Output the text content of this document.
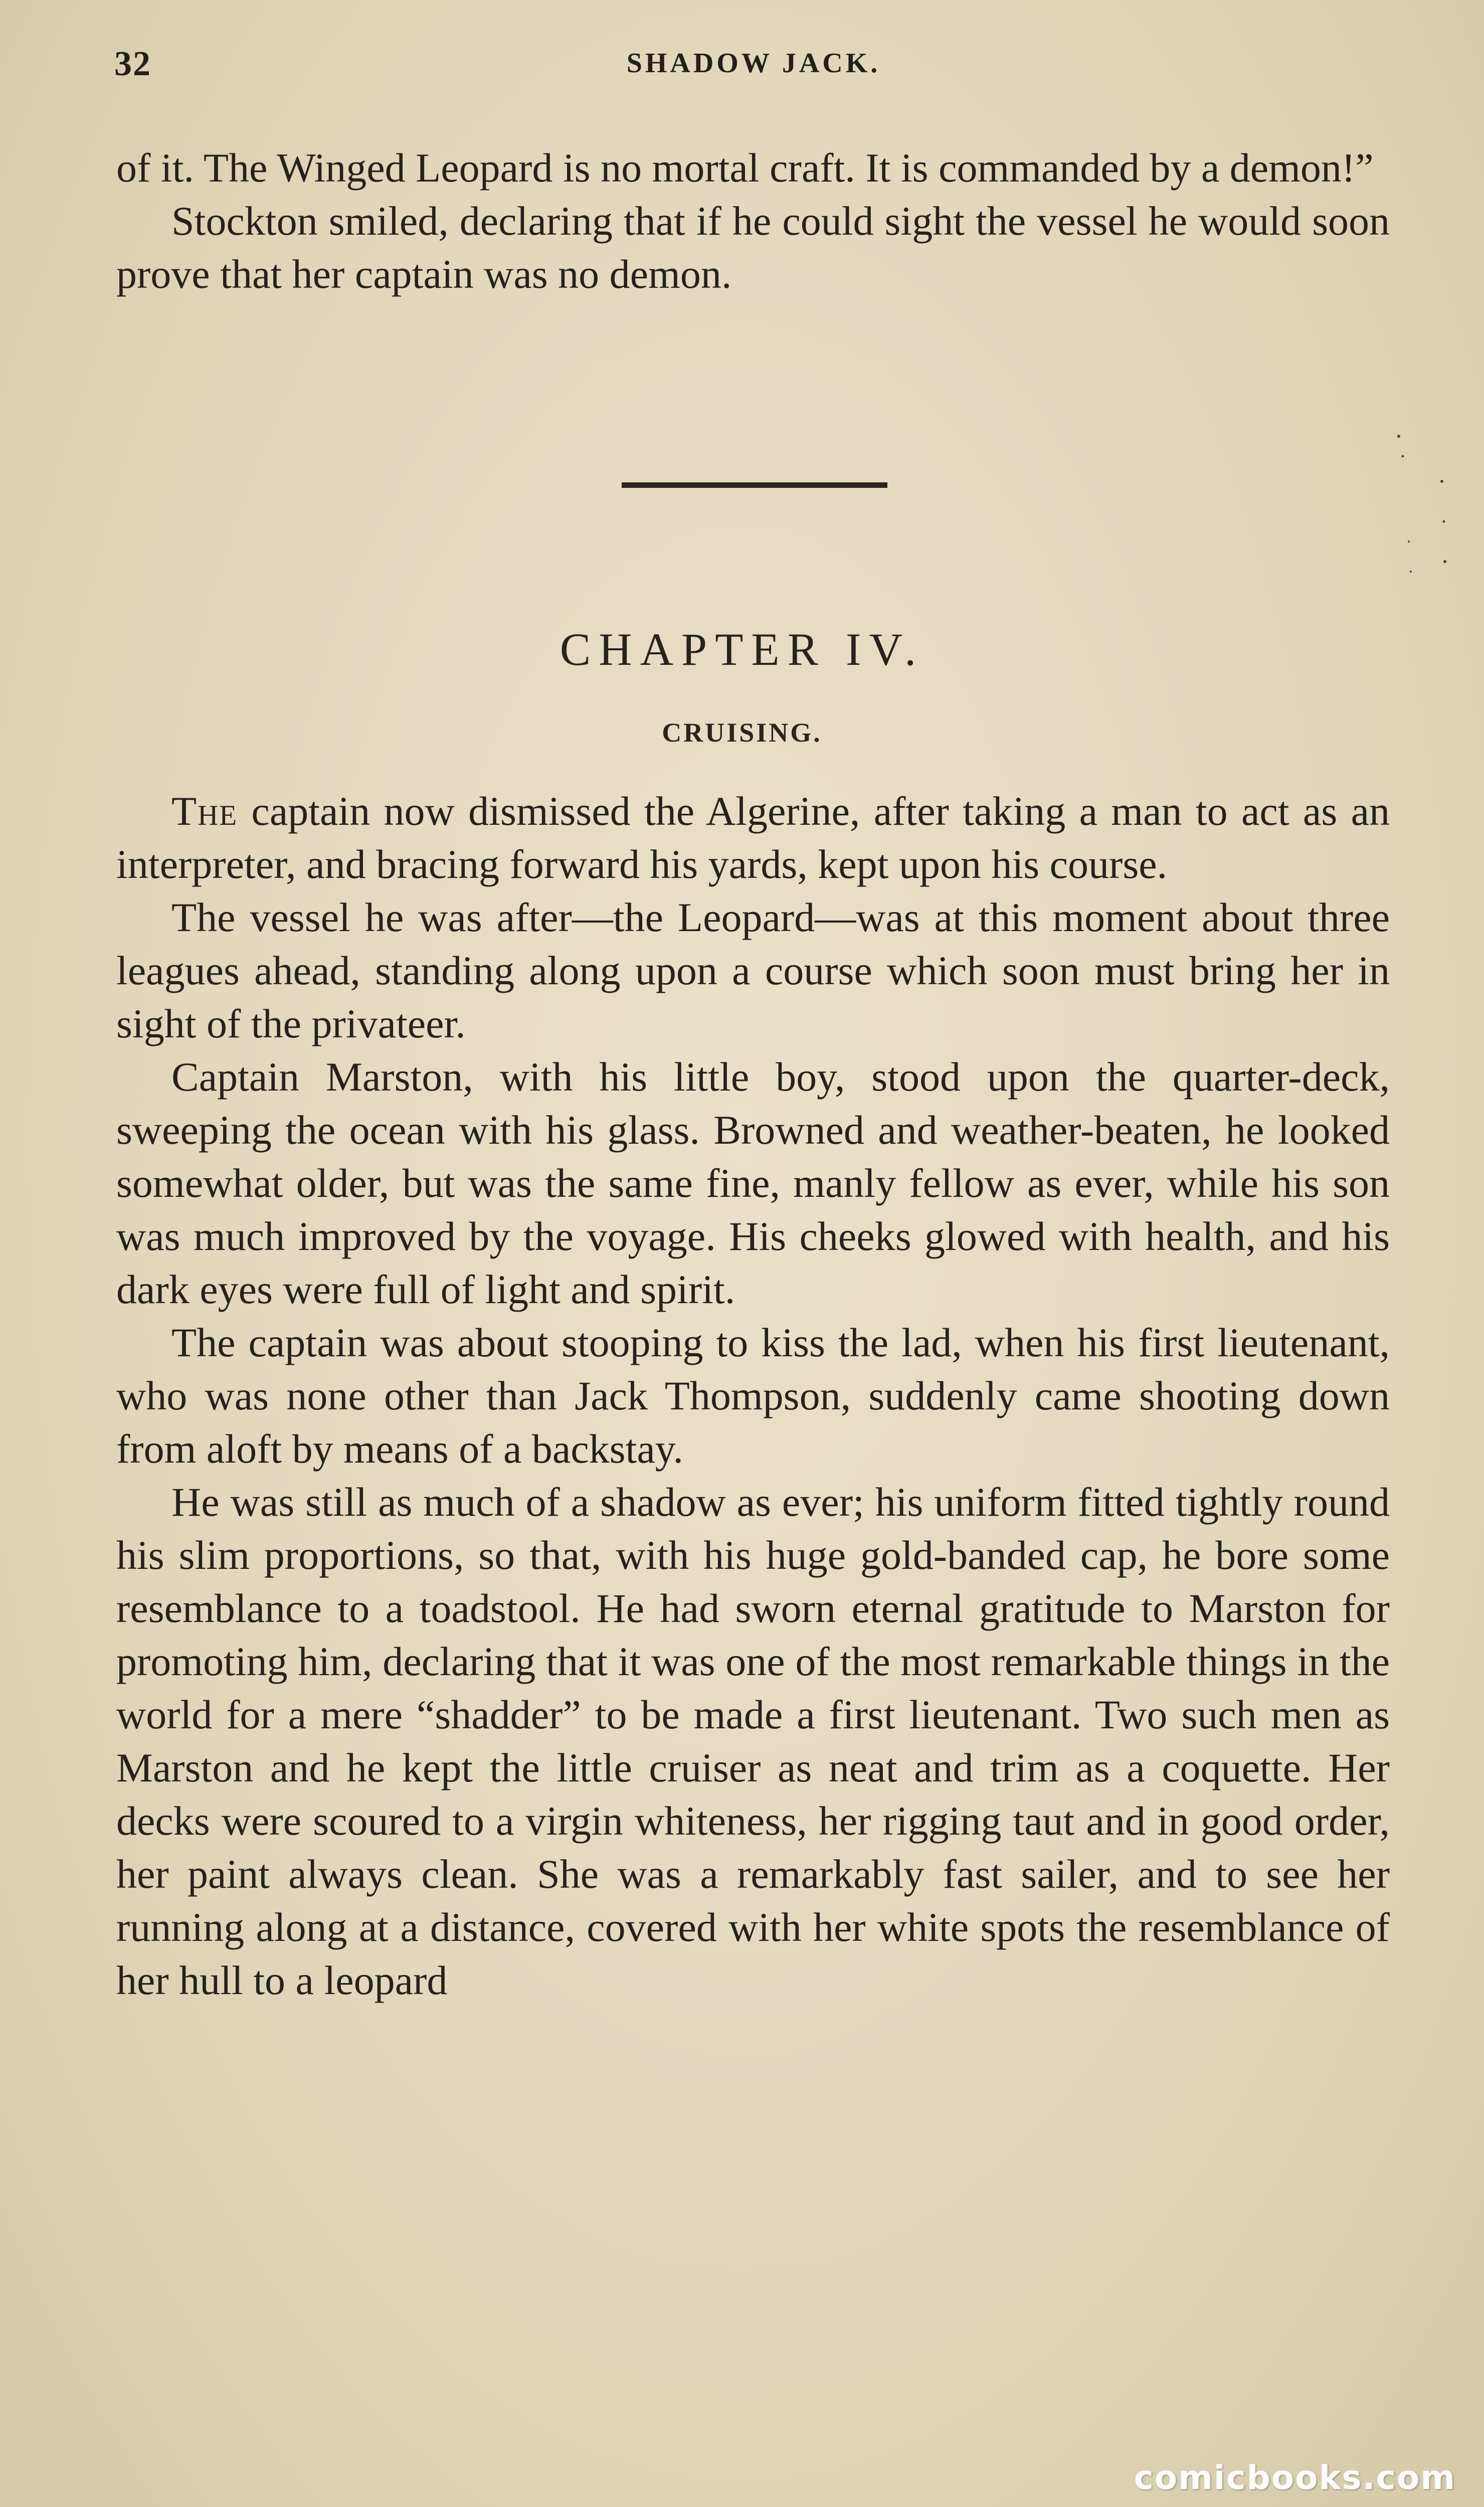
32	SHADOW JACK.

of it. The Winged Leopard is no mortal craft. It is commanded by a demon!”

Stockton smiled, declaring that if he could sight the vessel he would soon prove that her captain was no demon.

CHAPTER IV.
CRUISING.

The captain now dismissed the Algerine, after taking a man to act as an interpreter, and bracing forward his yards, kept upon his course.

The vessel he was after—the Leopard—was at this moment about three leagues ahead, standing along upon a course which soon must bring her in sight of the privateer.

Captain Marston, with his little boy, stood upon the quarter-deck, sweeping the ocean with his glass. Browned and weather-beaten, he looked somewhat older, but was the same fine, manly fellow as ever, while his son was much improved by the voyage. His cheeks glowed with health, and his dark eyes were full of light and spirit.

The captain was about stooping to kiss the lad, when his first lieutenant, who was none other than Jack Thompson, suddenly came shooting down from aloft by means of a backstay.

He was still as much of a shadow as ever; his uniform fitted tightly round his slim proportions, so that, with his huge gold-banded cap, he bore some resemblance to a toadstool. He had sworn eternal gratitude to Marston for promoting him, declaring that it was one of the most remarkable things in the world for a mere “shadder” to be made a first lieutenant. Two such men as Marston and he kept the little cruiser as neat and trim as a coquette. Her decks were scoured to a virgin whiteness, her rigging taut and in good order, her paint always clean. She was a remarkably fast sailer, and to see her running along at a distance, covered with her white spots the resemblance of her hull to a leopard

comicbooks.com
